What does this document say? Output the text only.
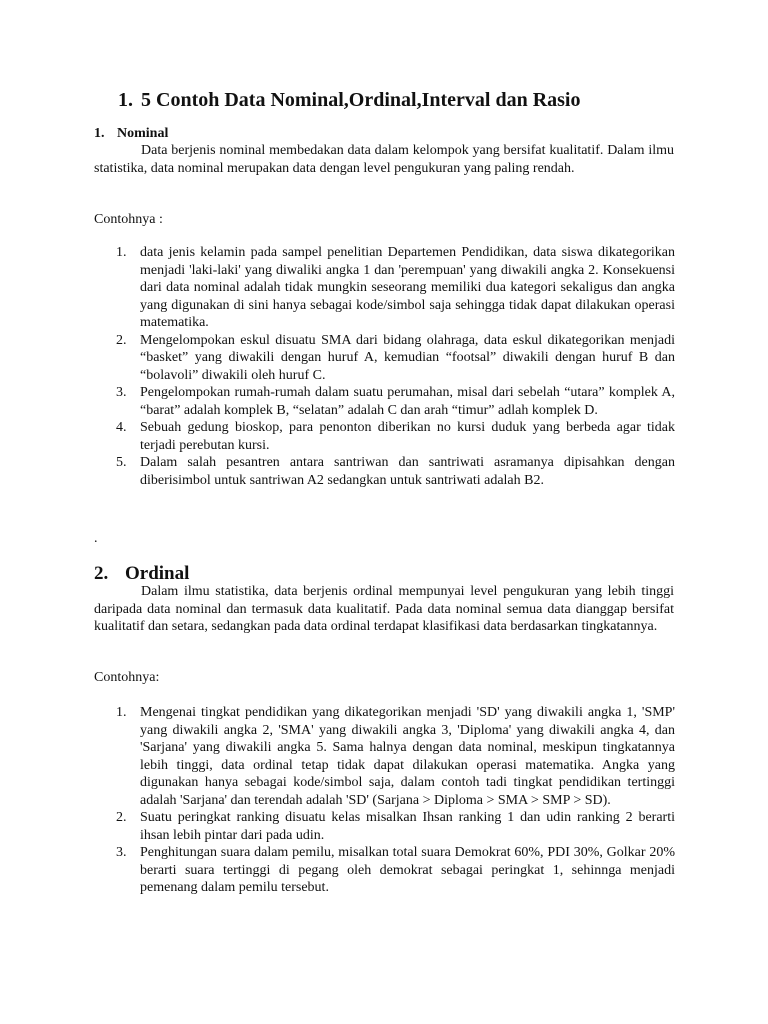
1. 5 Contoh Data Nominal,Ordinal,Interval dan Rasio
1. Nominal

Data berjenis nominal membedakan data dalam kelompok yang bersifat kualitatif. Dalam ilmu statistika, data nominal merupakan data dengan level pengukuran yang paling rendah.

Contohnya :

1. data jenis kelamin pada sampel penelitian Departemen Pendidikan, data siswa dikategorikan menjadi 'laki-laki' yang diwaliki angka 1 dan 'perempuan' yang diwakili angka 2. Konsekuensi dari data nominal adalah tidak mungkin seseorang memiliki dua kategori sekaligus dan angka yang digunakan di sini hanya sebagai kode/simbol saja sehingga tidak dapat dilakukan operasi matematika.
2. Mengelompokan eskul disuatu SMA dari bidang olahraga, data eskul dikategorikan menjadi “basket” yang diwakili dengan huruf A, kemudian “footsal” diwakili dengan huruf B dan “bolavoli” diwakili oleh huruf C.
3. Pengelompokan rumah-rumah dalam suatu perumahan, misal dari sebelah “utara” komplek A, “barat” adalah komplek B, “selatan” adalah C dan arah “timur” adlah komplek D.
4. Sebuah gedung bioskop, para penonton diberikan no kursi duduk yang berbeda agar tidak terjadi perebutan kursi.
5. Dalam salah pesantren antara santriwan dan santriwati asramanya dipisahkan dengan diberisimbol untuk santriwan A2 sedangkan untuk santriwati adalah B2.

.

2. Ordinal

Dalam ilmu statistika, data berjenis ordinal mempunyai level pengukuran yang lebih tinggi daripada data nominal dan termasuk data kualitatif. Pada data nominal semua data dianggap bersifat kualitatif dan setara, sedangkan pada data ordinal terdapat klasifikasi data berdasarkan tingkatannya.

Contohnya:

1. Mengenai tingkat pendidikan yang dikategorikan menjadi 'SD' yang diwakili angka 1, 'SMP' yang diwakili angka 2, 'SMA' yang diwakili angka 3, 'Diploma' yang diwakili angka 4, dan 'Sarjana' yang diwakili angka 5. Sama halnya dengan data nominal, meskipun tingkatannya lebih tinggi, data ordinal tetap tidak dapat dilakukan operasi matematika. Angka yang digunakan hanya sebagai kode/simbol saja, dalam contoh tadi tingkat pendidikan tertinggi adalah 'Sarjana' dan terendah adalah 'SD' (Sarjana > Diploma > SMA > SMP > SD).
2. Suatu peringkat ranking disuatu kelas misalkan Ihsan ranking 1 dan udin ranking 2 berarti ihsan lebih pintar dari pada udin.
3. Penghitungan suara dalam pemilu, misalkan total suara Demokrat 60%, PDI 30%, Golkar 20% berarti suara tertinggi di pegang oleh demokrat sebagai peringkat 1, sehinnga menjadi pemenang dalam pemilu tersebut.
